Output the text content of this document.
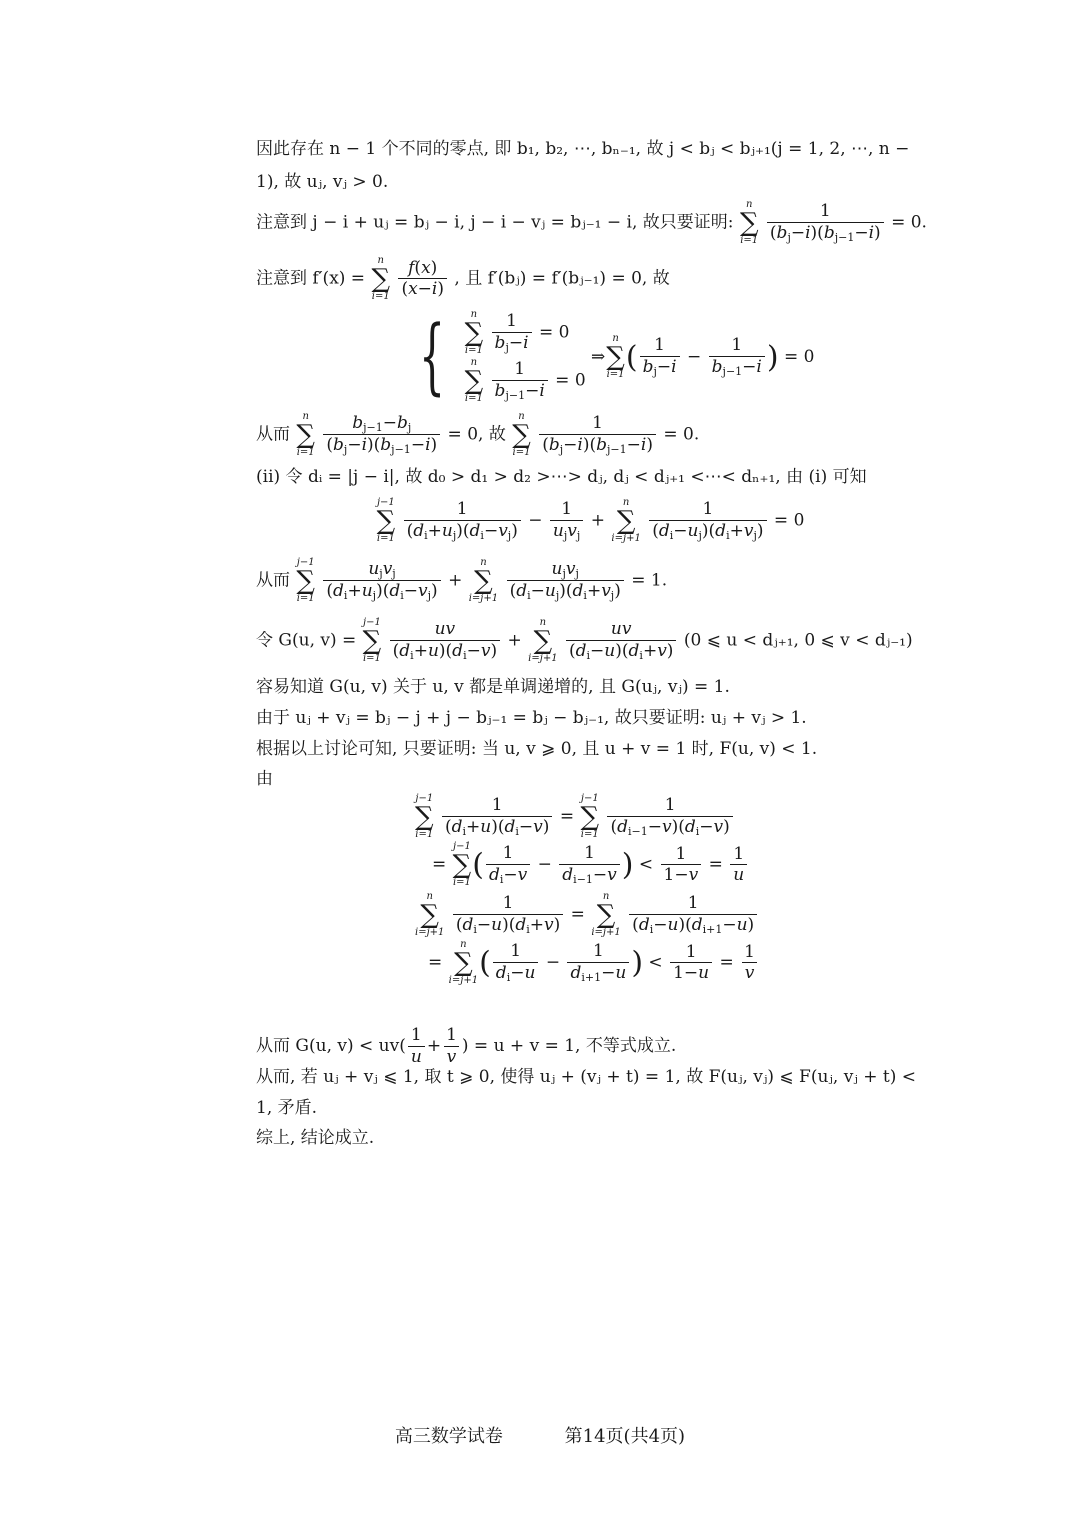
因此存在 n − 1 个不同的零点, 即 b₁, b₂, ⋯, bₙ₋₁, 故 j < bⱼ < bⱼ₊₁(j = 1, 2, ⋯, n −
1), 故 uⱼ, vⱼ > 0.
注意到 j − i + uⱼ = bⱼ − i, j − i − vⱼ = bⱼ₋₁ − i, 故只要证明:
n
∑
i=1
$\frac{1}{(b_j-i)(b_{j-1}-i)} = 0$.
注意到 f′(x) =
n
∑
i=1
$\frac{f(x)}{(x-i)}$ , 且 f′(bⱼ) = f′(bⱼ₋₁) = 0, 故
{	n
∑
i=1
$\frac{1}{b_j-i} = 0$
n
∑
i=1
$\frac{1}{b_{j-1}-i} = 0$
⇒
n
∑
i=1 ( $\frac{1}{b_j-i} - \frac{1}{b_{j-1}-i}$ ) = 0
从而
n
∑
i=1
$\frac{b_{j-1}-b_j}{(b_j-i)(b_{j-1}-i)} = 0$, 故
n
∑
i=1
$\frac{1}{(b_j-i)(b_{j-1}-i)} = 0$.
(ii) 令 dᵢ = |j − i|, 故 d₀ > d₁ > d₂ >⋯> dⱼ, dⱼ < dⱼ₊₁ <⋯< dₙ₊₁, 由 (i) 可知
j−1
∑
i=1
$\frac{1}{(d_i+u_j)(d_i-v_j)} - \frac{1}{u_jv_j}$ +
n
∑
i=j+1
$\frac{1}{(d_i-u_j)(d_i+v_j)} = 0$
从而
j−1
∑
i=1
$\frac{u_jv_j}{(d_i+u_j)(d_i-v_j)}$ +
n
∑
i=j+1
$\frac{u_jv_j}{(d_i-u_j)(d_i+v_j)} = 1$.
令 G(u, v) =
j−1
∑
i=1
$\frac{uv}{(d_i+u)(d_i-v)}$ +
n
∑
i=j+1
$\frac{uv}{(d_i-u)(d_i+v)} (0$ ⩽ u < dⱼ₊₁, 0 ⩽ v < dⱼ₋₁)
容易知道 G(u, v) 关于 u, v 都是单调递增的, 且 G(uⱼ, vⱼ) = 1.
由于 uⱼ + vⱼ = bⱼ − j + j − bⱼ₋₁ = bⱼ − bⱼ₋₁, 故只要证明: uⱼ + vⱼ > 1.
根据以上讨论可知, 只要证明: 当 u, v ⩾ 0, 且 u + v = 1 时, F(u, v) < 1.
由
j−1
∑
i=1
$\frac{1}{(d_i+u)(d_i-v)}$ =
j−1
∑
i=1
$\frac{1}{(d_{i-1}-v)(d_i-v)}$
=
j−1
∑
i=1 ( $\frac{1}{d_i-v} - \frac{1}{d_{i-1}-v}$ ) < $\frac{1}{1-v} = \frac{1}{u}$
n
∑
i=j+1
$\frac{1}{(d_i-u)(d_i+v)}$ =
n
∑
i=j+1
$\frac{1}{(d_i-u)(d_{i+1}-u)}$
=
n
∑
i=j+1 ( $\frac{1}{d_i-u} - \frac{1}{d_{i+1}-u}$ ) < $\frac{1}{1-u} = \frac{1}{v}$
从而 G(u, $v) < uv( \frac{1}{u} + \frac{1}{v}$ ) = u + v = 1, 不等式成立.
从而, 若 uⱼ + vⱼ ⩽ 1, 取 t ⩾ 0, 使得 uⱼ + (vⱼ + t) = 1, 故 F(uⱼ, vⱼ) ⩽ F(uⱼ, vⱼ + t) <
1, 矛盾.
综上, 结论成立.
高三数学试卷	第14页(共4页)
